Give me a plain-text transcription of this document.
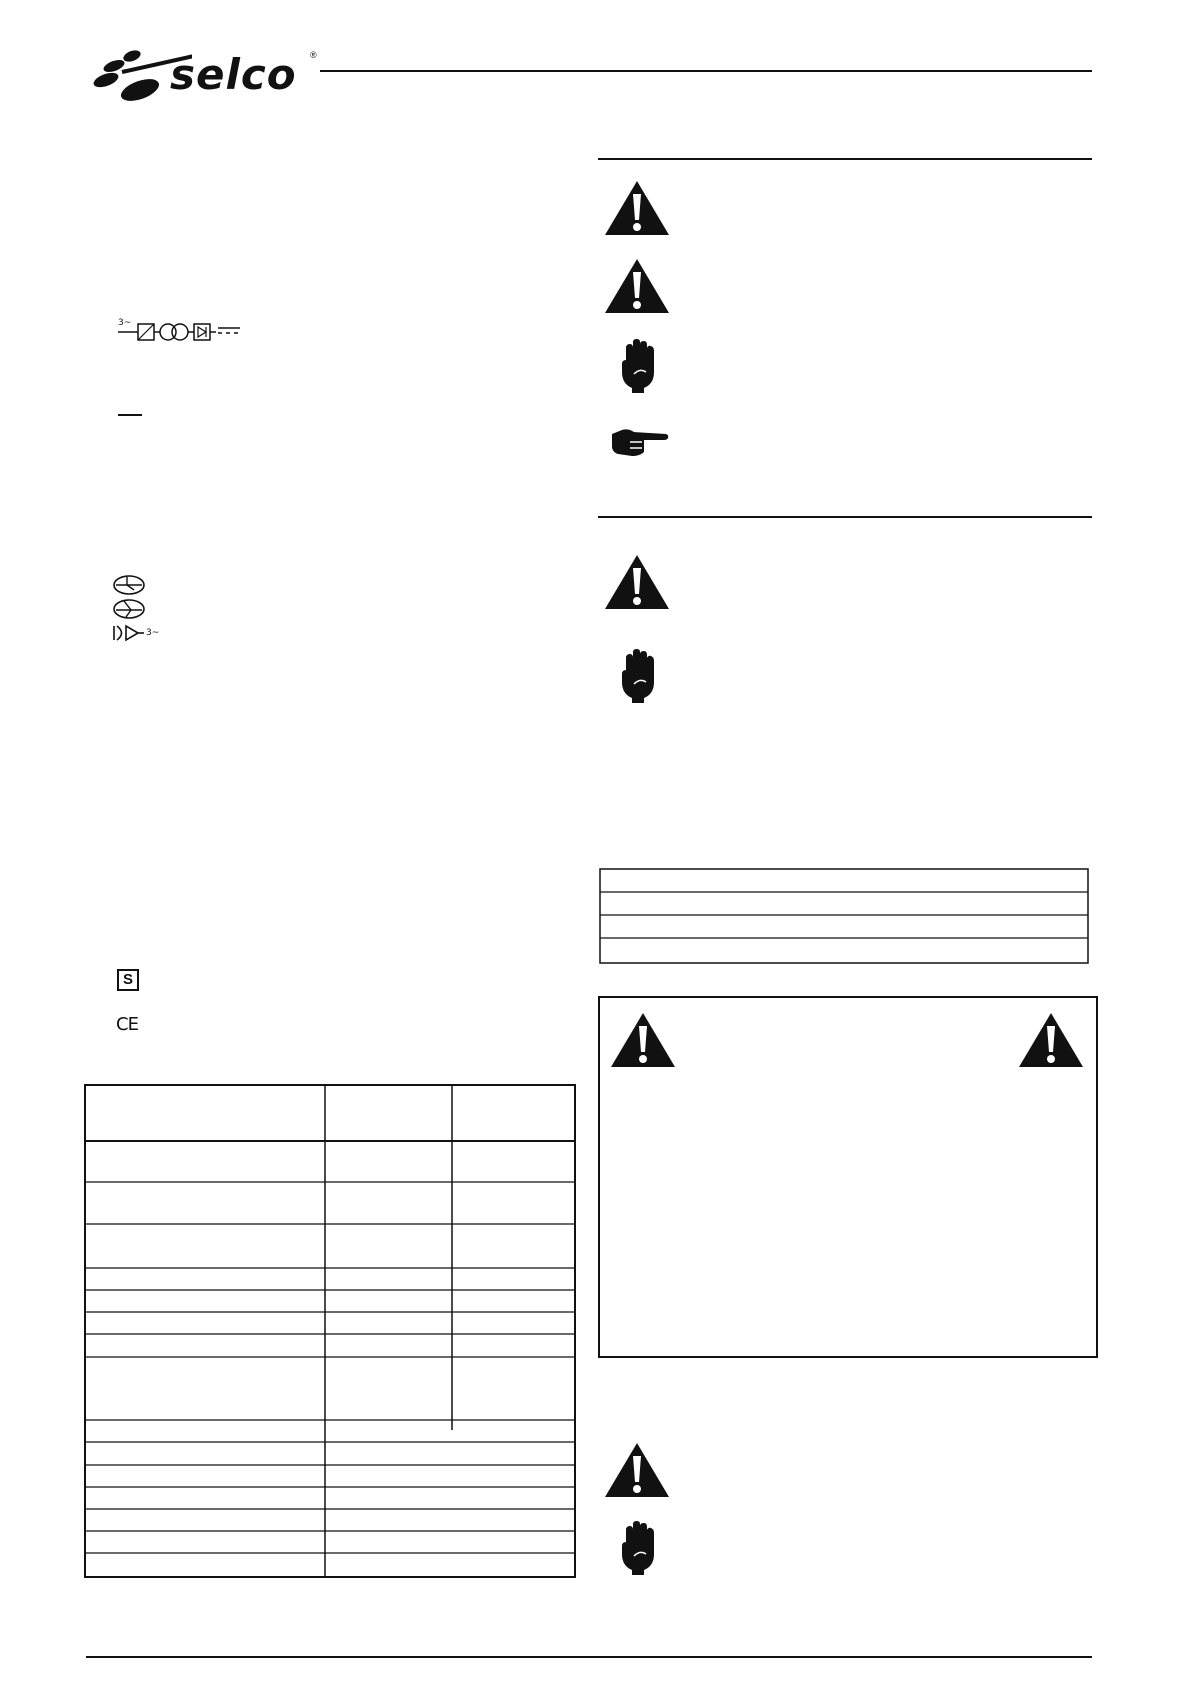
selco ®
3~
3~
S
CE
